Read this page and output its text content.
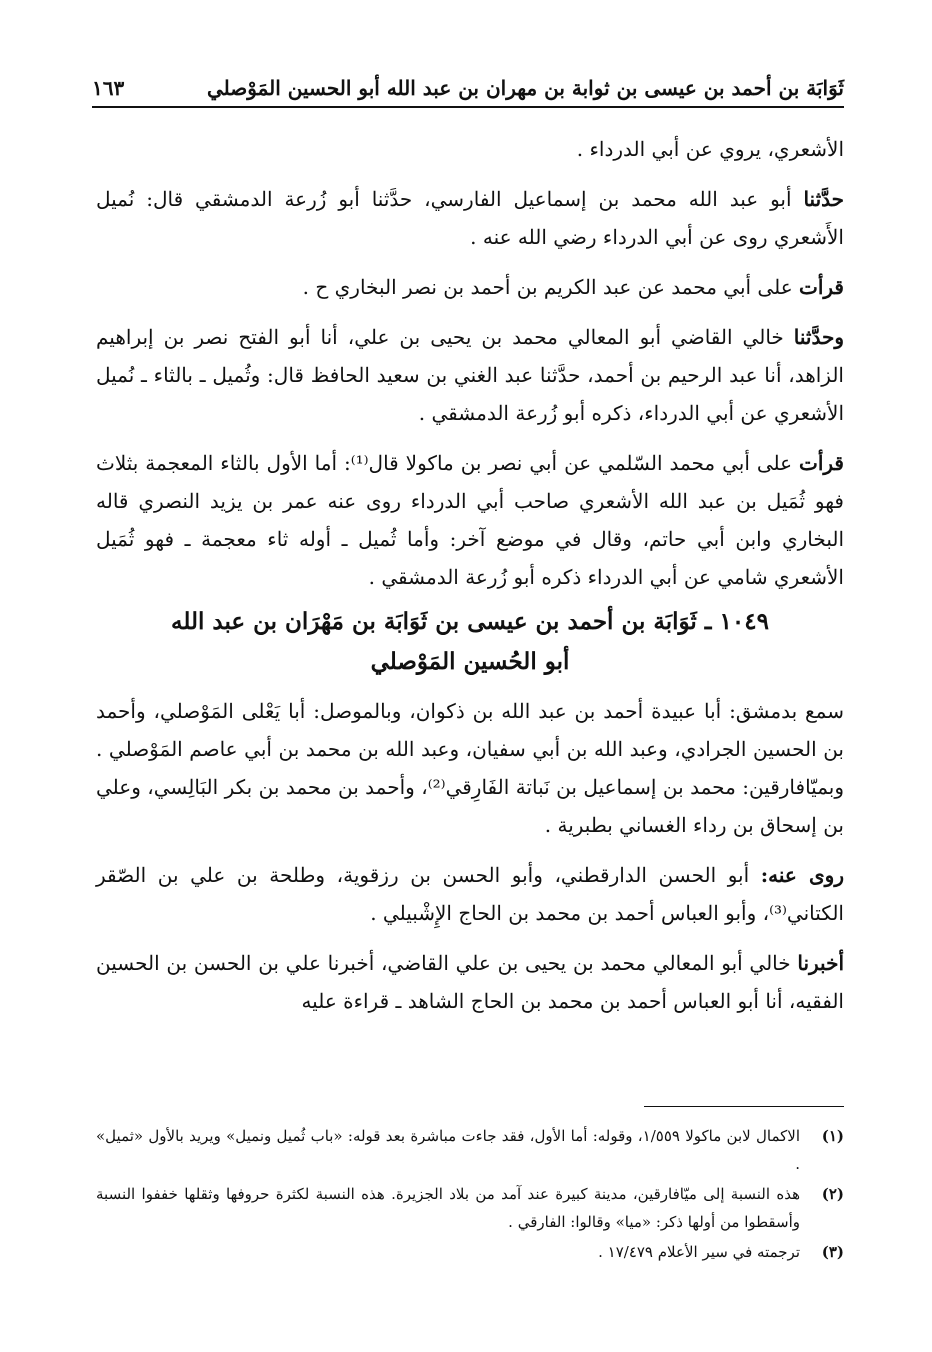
ثَوَابَة بن أحمد بن عيسى بن ثوابة بن مهران بن عبد الله أبو الحسين المَوْصلي
١٦٣

الأشعري، يروي عن أبي الدرداء .

حدَّثنا أبو عبد الله محمد بن إسماعيل الفارسي، حدَّثنا أبو زُرعة الدمشقي قال: نُميل الأَشعري روى عن أبي الدرداء رضي الله عنه .

قرأت على أبي محمد عن عبد الكريم بن أحمد بن نصر البخاري ح .

وحدَّثنا خالي القاضي أبو المعالي محمد بن يحيى بن علي، أنا أبو الفتح نصر بن إبراهيم الزاهد، أنا عبد الرحيم بن أحمد، حدَّثنا عبد الغني بن سعيد الحافظ قال: وثُميل ـ بالثاء ـ نُميل الأشعري عن أبي الدرداء، ذكره أبو زُرعة الدمشقي .

قرأت على أبي محمد السّلمي عن أبي نصر بن ماكولا قال⁽¹⁾: أما الأول بالثاء المعجمة بثلاث فهو ثُمَيل بن عبد الله الأشعري صاحب أبي الدرداء روى عنه عمر بن يزيد النصري قاله البخاري وابن أبي حاتم، وقال في موضع آخر: وأما ثُميل ـ أوله ثاء معجمة ـ فهو ثُمَيل الأشعري شامي عن أبي الدرداء ذكره أبو زُرعة الدمشقي .

١٠٤٩ ـ ثَوَابَة بن أحمد بن عيسى بن ثَوَابَة بن مَهْرَان بن عبد الله
أبو الحُسين المَوْصلي

سمع بدمشق: أبا عبيدة أحمد بن عبد الله بن ذكوان، وبالموصل: أبا يَعْلى المَوْصلي، وأحمد بن الحسين الجرادي، وعبد الله بن أبي سفيان، وعبد الله بن محمد بن أبي عاصم المَوْصلي . وبميّافارقين: محمد بن إسماعيل بن نَباتة الفَارِقي⁽²⁾، وأحمد بن محمد بن بكر البَالِسي، وعلي بن إسحاق بن رداء الغساني بطبرية .

روى عنه: أبو الحسن الدارقطني، وأبو الحسن بن رزقوية، وطلحة بن علي بن الصّقر الكتاني⁽³⁾، وأبو العباس أحمد بن محمد بن الحاج الإِشْبيلي .

أخبرنا خالي أبو المعالي محمد بن يحيى بن علي القاضي، أخبرنا علي بن الحسن بن الحسين الفقيه، أنا أبو العباس أحمد بن محمد بن الحاج الشاهد ـ قراءة عليه

(١)
الاكمال لابن ماكولا ١/٥٥٩، وقوله: أما الأول، فقد جاءت مباشرة بعد قوله: «باب ثُميل ونميل» ويريد بالأول «ثميل» .
(٢)
هذه النسبة إلى ميّافارقين، مدينة كبيرة عند آمد من بلاد الجزيرة. هذه النسبة لكثرة حروفها وثقلها خففوا النسبة وأسقطوا من أولها ذكر: «ميا» وقالوا: الفارقي .
(٣)
ترجمته في سير الأعلام ١٧/٤٧٩ .
